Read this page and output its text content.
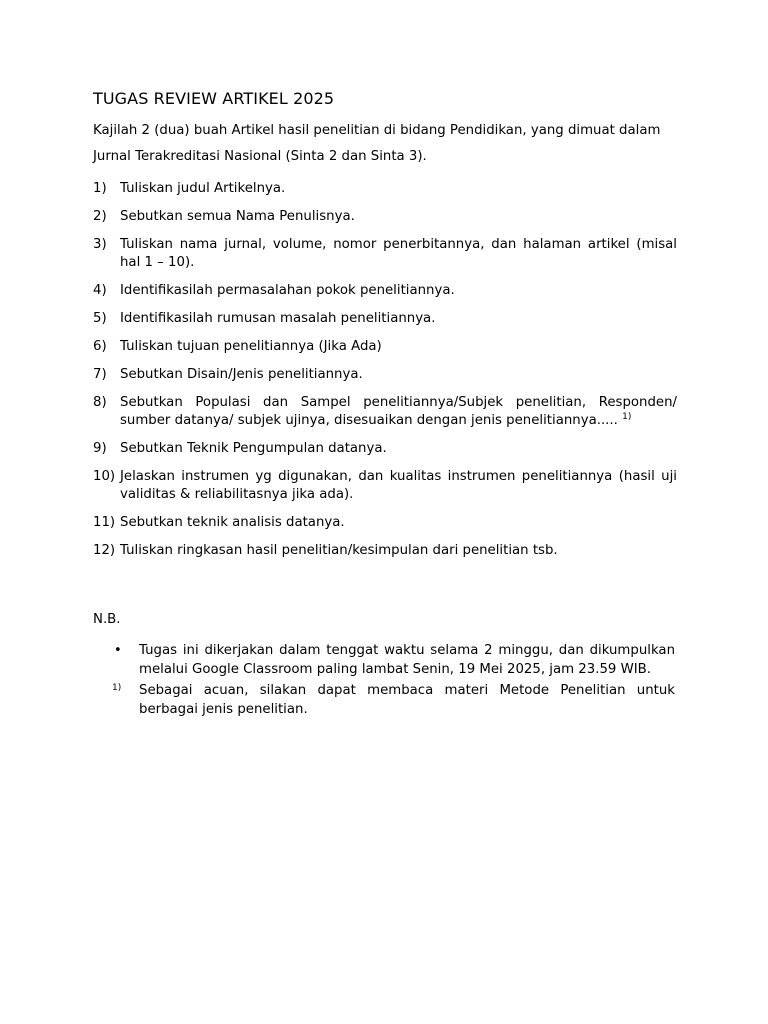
TUGAS REVIEW ARTIKEL 2025
Kajilah 2 (dua) buah Artikel hasil penelitian di bidang Pendidikan, yang dimuat dalam Jurnal Terakreditasi Nasional (Sinta 2 dan Sinta 3).
1) Tuliskan judul Artikelnya.
2) Sebutkan semua Nama Penulisnya.
3) Tuliskan nama jurnal, volume, nomor penerbitannya, dan halaman artikel (misal hal 1 – 10).
4) Identifikasilah permasalahan pokok penelitiannya.
5) Identifikasilah rumusan masalah penelitiannya.
6) Tuliskan tujuan penelitiannya (Jika Ada)
7) Sebutkan Disain/Jenis penelitiannya.
8) Sebutkan Populasi dan Sampel penelitiannya/Subjek penelitian, Responden/ sumber datanya/ subjek ujinya, disesuaikan dengan jenis penelitiannya..... $^{1)}$
9) Sebutkan Teknik Pengumpulan datanya.
10) Jelaskan instrumen yg digunakan, dan kualitas instrumen penelitiannya (hasil uji validitas & reliabilitasnya jika ada).
11) Sebutkan teknik analisis datanya.
12) Tuliskan ringkasan hasil penelitian/kesimpulan dari penelitian tsb.
N.B.
• Tugas ini dikerjakan dalam tenggat waktu selama 2 minggu, dan dikumpulkan melalui Google Classroom paling lambat Senin, 19 Mei 2025, jam 23.59 WIB.
1) Sebagai acuan, silakan dapat membaca materi Metode Penelitian untuk berbagai jenis penelitian.
